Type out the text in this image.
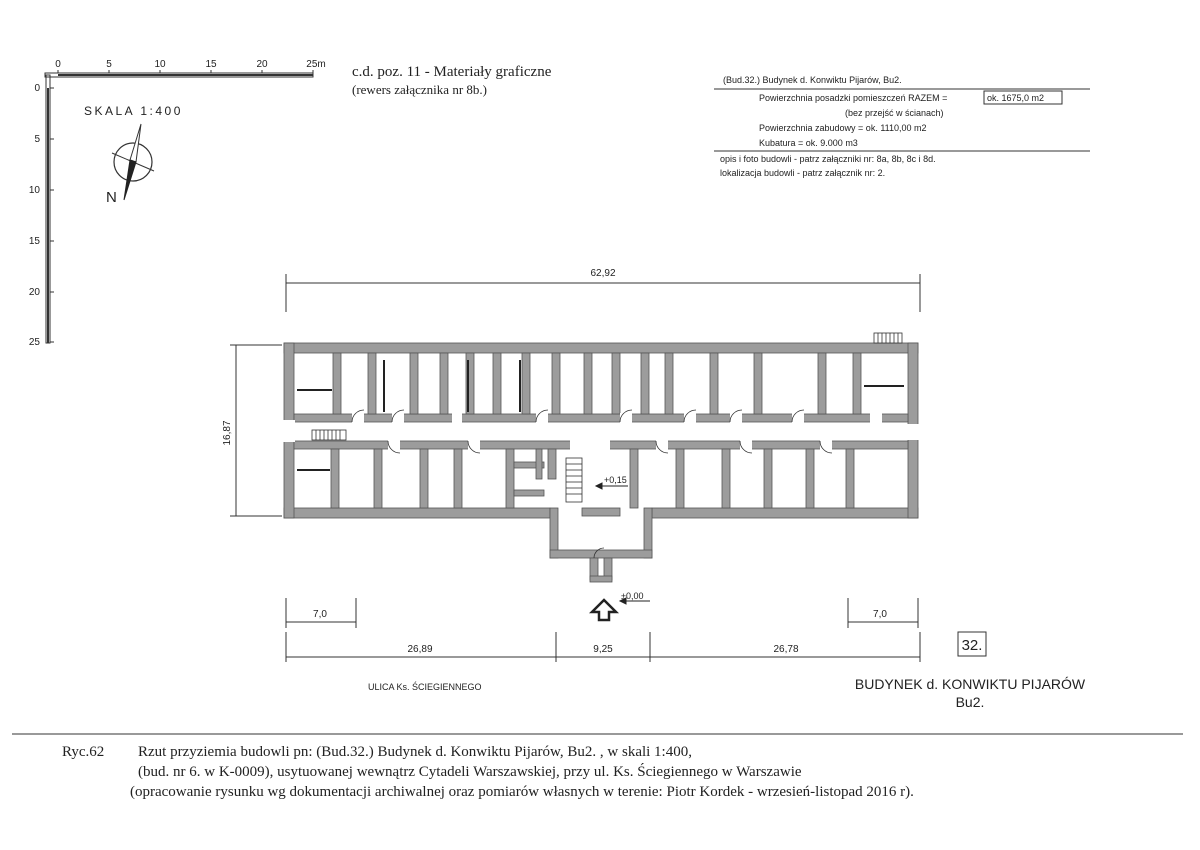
0	5	10	15	20	25m
0
5
10
15
20
25
SKALA 1:400
N
c.d. poz. 11 - Materiały graficzne
(rewers załącznika nr 8b.)
(Bud.32.) Budynek d. Konwiktu Pijarów, Bu2.
Powierzchnia posadzki pomieszczeń RAZEM =	ok. 1675,0 m2
(bez przejść w ścianach)
Powierzchnia zabudowy = ok. 1110,00 m2
Kubatura = ok. 9.000 m3
opis i foto budowli - patrz załączniki nr: 8a, 8b, 8c i 8d.
lokalizacja budowli - patrz załącznik nr: 2.
62,92
16,87
+0,15
±0,00
7,0	7,0
26,89	9,25	26,78	32.
ULICA Ks. ŚCIEGIENNEGO	BUDYNEK d. KONWIKTU PIJARÓW
Bu2.
Ryc.62 Rzut przyziemia budowli pn: (Bud.32.) Budynek d. Konwiktu Pijarów, Bu2. , w skali 1:400,
(bud. nr 6. w K-0009), usytuowanej wewnątrz Cytadeli Warszawskiej, przy ul. Ks. Ściegiennego w Warszawie
(opracowanie rysunku wg dokumentacji archiwalnej oraz pomiarów własnych w terenie: Piotr Kordek - wrzesień-listopad 2016 r).
